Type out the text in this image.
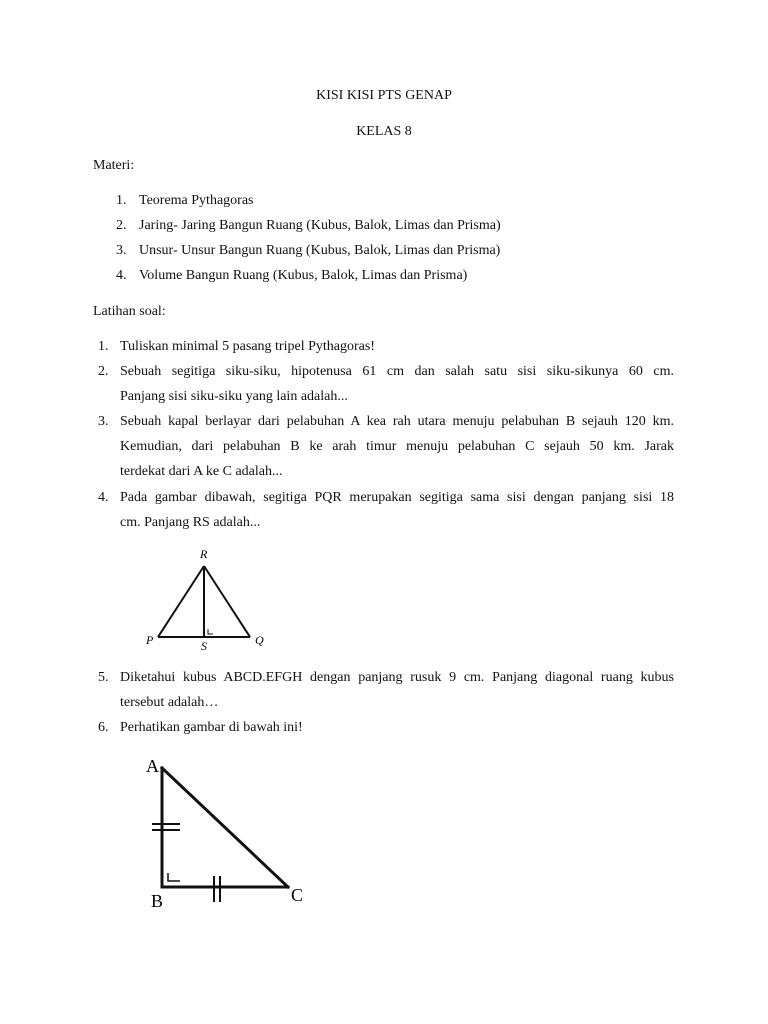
KISI KISI PTS GENAP
KELAS 8
Materi:
1. Teorema Pythagoras
2. Jaring- Jaring Bangun Ruang (Kubus, Balok, Limas dan Prisma)
3. Unsur- Unsur Bangun Ruang (Kubus, Balok, Limas dan Prisma)
4. Volume Bangun Ruang (Kubus, Balok, Limas dan Prisma)
Latihan soal:
1. Tuliskan minimal 5 pasang tripel Pythagoras!
2. Sebuah segitiga siku-siku, hipotenusa 61 cm dan salah satu sisi siku-sikunya 60 cm.
Panjang sisi siku-siku yang lain adalah...
3. Sebuah kapal berlayar dari pelabuhan A kea rah utara menuju pelabuhan B sejauh 120 km.
Kemudian, dari pelabuhan B ke arah timur menuju pelabuhan C sejauh 50 km. Jarak
terdekat dari A ke C adalah...
4. Pada gambar dibawah, segitiga PQR merupakan segitiga sama sisi dengan panjang sisi 18
cm. Panjang RS adalah...
R
P	Q
S
5. Diketahui kubus ABCD.EFGH dengan panjang rusuk 9 cm. Panjang diagonal ruang kubus
tersebut adalah…
6. Perhatikan gambar di bawah ini!
A
B	C
